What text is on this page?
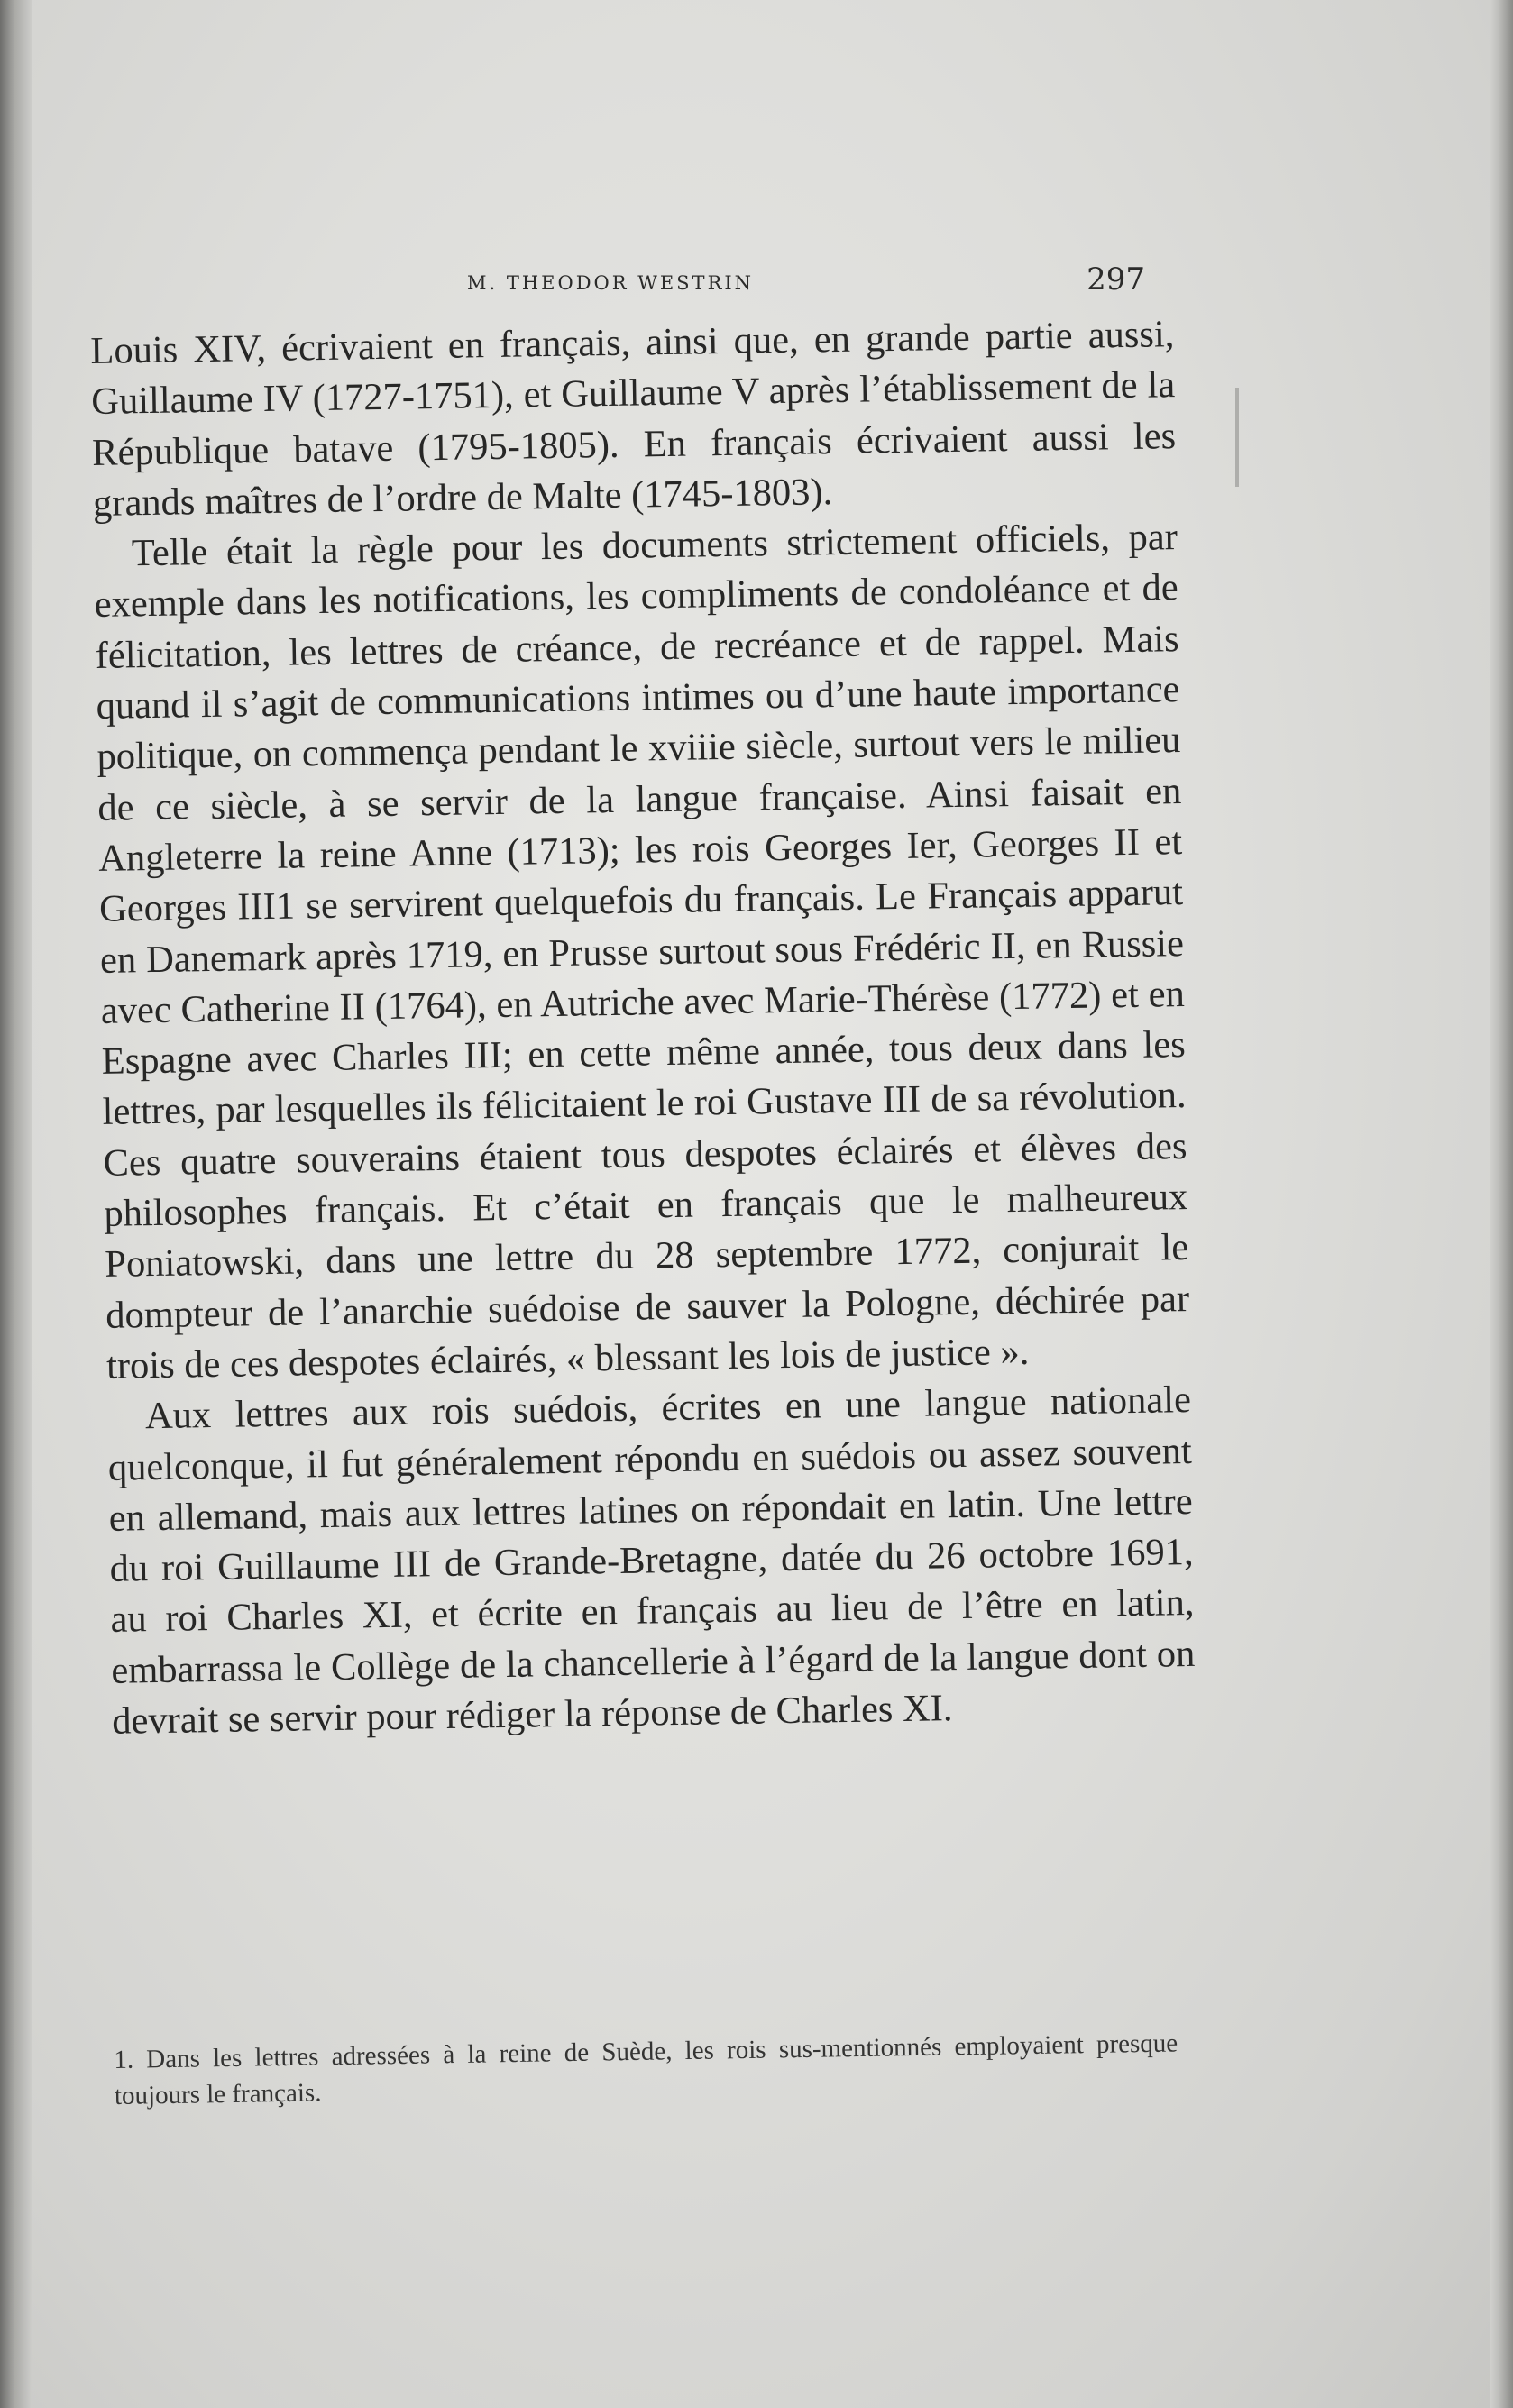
M. THEODOR WESTRIN	297

Louis XIV, écrivaient en français, ainsi que, en grande partie aussi, Guillaume IV (1727-1751), et Guillaume V après l’établissement de la République batave (1795-1805). En français écrivaient aussi les grands maîtres de l’ordre de Malte (1745-1803).

Telle était la règle pour les documents strictement officiels, par exemple dans les notifications, les compliments de condoléance et de félicitation, les lettres de créance, de recréance et de rappel. Mais quand il s’agit de communications intimes ou d’une haute importance politique, on commença pendant le xviiie siècle, surtout vers le milieu de ce siècle, à se servir de la langue française. Ainsi faisait en Angleterre la reine Anne (1713); les rois Georges Ier, Georges II et Georges III1 se servirent quelquefois du français. Le Français apparut en Danemark après 1719, en Prusse surtout sous Frédéric II, en Russie avec Catherine II (1764), en Autriche avec Marie-Thérèse (1772) et en Espagne avec Charles III; en cette même année, tous deux dans les lettres, par lesquelles ils félicitaient le roi Gustave III de sa révolution. Ces quatre souverains étaient tous despotes éclairés et élèves des philosophes français. Et c’était en français que le malheureux Poniatowski, dans une lettre du 28 septembre 1772, conjurait le dompteur de l’anarchie suédoise de sauver la Pologne, déchirée par trois de ces despotes éclairés, « blessant les lois de justice ».

Aux lettres aux rois suédois, écrites en une langue nationale quelconque, il fut généralement répondu en suédois ou assez souvent en allemand, mais aux lettres latines on répondait en latin. Une lettre du roi Guillaume III de Grande-Bretagne, datée du 26 octobre 1691, au roi Charles XI, et écrite en français au lieu de l’être en latin, embarrassa le Collège de la chancellerie à l’égard de la langue dont on devrait se servir pour rédiger la réponse de Charles XI.

1. Dans les lettres adressées à la reine de Suède, les rois sus-mentionnés employaient presque toujours le français.
